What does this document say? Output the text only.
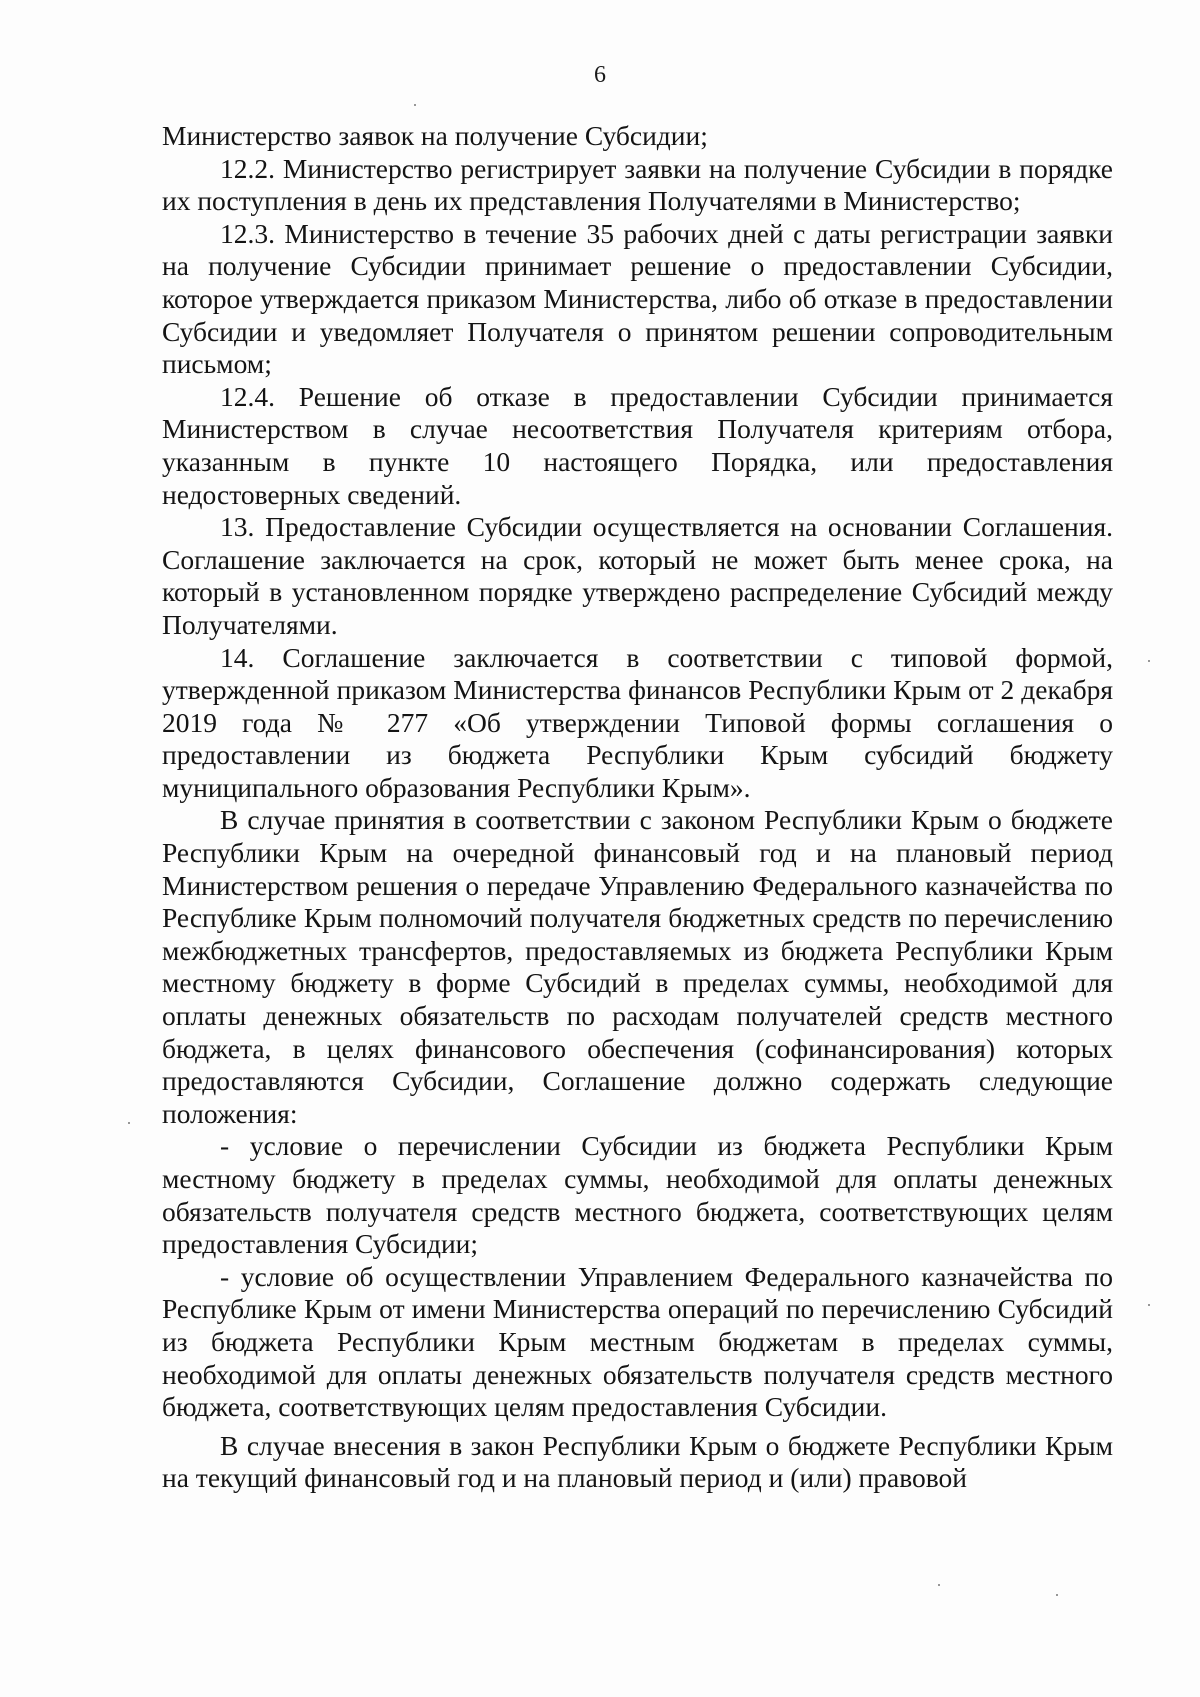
6

Министерство заявок на получение Субсидии;

12.2. Министерство регистрирует заявки на получение Субсидии в порядке их поступления в день их представления Получателями в Министерство;

12.3. Министерство в течение 35 рабочих дней с даты регистрации заявки на получение Субсидии принимает решение о предоставлении Субсидии, которое утверждается приказом Министерства, либо об отказе в предоставлении Субсидии и уведомляет Получателя о принятом решении сопроводительным письмом;

12.4. Решение об отказе в предоставлении Субсидии принимается Министерством в случае несоответствия Получателя критериям отбора, указанным в пункте 10 настоящего Порядка, или предоставления недостоверных сведений.

13. Предоставление Субсидии осуществляется на основании Соглашения. Соглашение заключается на срок, который не может быть менее срока, на который в установленном порядке утверждено распределение Субсидий между Получателями.

14. Соглашение заключается в соответствии с типовой формой, утвержденной приказом Министерства финансов Республики Крым от 2 декабря 2019 года № 277 «Об утверждении Типовой формы соглашения о предоставлении из бюджета Республики Крым субсидий бюджету муниципального образования Республики Крым».

В случае принятия в соответствии с законом Республики Крым о бюджете Республики Крым на очередной финансовый год и на плановый период Министерством решения о передаче Управлению Федерального казначейства по Республике Крым полномочий получателя бюджетных средств по перечислению межбюджетных трансфертов, предоставляемых из бюджета Республики Крым местному бюджету в форме Субсидий в пределах суммы, необходимой для оплаты денежных обязательств по расходам получателей средств местного бюджета, в целях финансового обеспечения (софинансирования) которых предоставляются Субсидии, Соглашение должно содержать следующие положения:

- условие о перечислении Субсидии из бюджета Республики Крым местному бюджету в пределах суммы, необходимой для оплаты денежных обязательств получателя средств местного бюджета, соответствующих целям предоставления Субсидии;

- условие об осуществлении Управлением Федерального казначейства по Республике Крым от имени Министерства операций по перечислению Субсидий из бюджета Республики Крым местным бюджетам в пределах суммы, необходимой для оплаты денежных обязательств получателя средств местного бюджета, соответствующих целям предоставления Субсидии.

В случае внесения в закон Республики Крым о бюджете Республики Крым на текущий финансовый год и на плановый период и (или) правовой
